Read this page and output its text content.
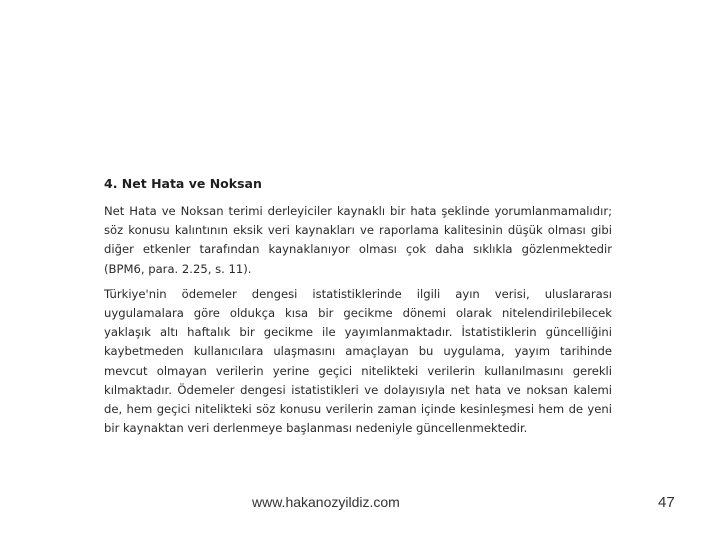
4. Net Hata ve Noksan
Net Hata ve Noksan terimi derleyiciler kaynaklı bir hata şeklinde yorumlanmamalıdır;
söz konusu kalıntının eksik veri kaynakları ve raporlama kalitesinin düşük olması gibi
diğer etkenler tarafından kaynaklanıyor olması çok daha sıklıkla gözlenmektedir
(BPM6, para. 2.25, s. 11).
Türkiye'nin ödemeler dengesi istatistiklerinde ilgili ayın verisi, uluslararası
uygulamalara göre oldukça kısa bir gecikme dönemi olarak nitelendirilebilecek
yaklaşık altı haftalık bir gecikme ile yayımlanmaktadır. İstatistiklerin güncelliğini
kaybetmeden kullanıcılara ulaşmasını amaçlayan bu uygulama, yayım tarihinde
mevcut olmayan verilerin yerine geçici nitelikteki verilerin kullanılmasını gerekli
kılmaktadır. Ödemeler dengesi istatistikleri ve dolayısıyla net hata ve noksan kalemi
de, hem geçici nitelikteki söz konusu verilerin zaman içinde kesinleşmesi hem de yeni
bir kaynaktan veri derlenmeye başlanması nedeniyle güncellenmektedir.
www.hakanozyildiz.com	47
